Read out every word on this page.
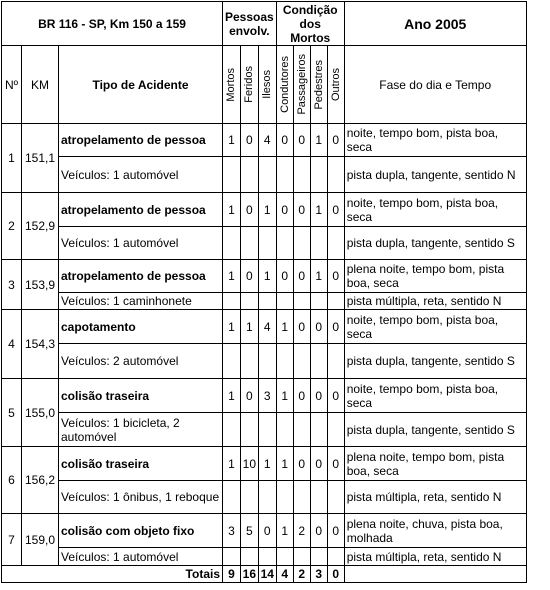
BR 116 - SP, Km 150 a 159			Pessoas envolv.			Condição dos Mortos				Ano 2005
Nº	KM	Tipo de Acidente	Mortos	Feridos	Ilesos	Condutores	Passageiros	Pedestres	Outros	Fase do dia e Tempo
1	151,1	atropelamento de pessoa	1	0	4	0	0	1	0	noite, tempo bom, pista boa, seca
		Veículos: 1 automóvel								pista dupla, tangente, sentido N
2	152,9	atropelamento de pessoa	1	0	1	0	0	1	0	noite, tempo bom, pista boa, seca
		Veículos: 1 automóvel								pista dupla, tangente, sentido S
3	153,9	atropelamento de pessoa	1	0	1	0	0	1	0	plena noite, tempo bom, pista boa, seca
		Veículos: 1 caminhonete								pista múltipla, reta, sentido N
4	154,3	capotamento	1	1	4	1	0	0	0	noite, tempo bom, pista boa, seca
		Veículos: 2 automóvel								pista dupla, tangente, sentido S
5	155,0	colisão traseira	1	0	3	1	0	0	0	noite, tempo bom, pista boa, seca
		Veículos: 1 bicicleta, 2 automóvel								pista dupla, tangente, sentido S
6	156,2	colisão traseira	1	10	1	1	0	0	0	plena noite, tempo bom, pista boa, seca
		Veículos: 1 ônibus, 1 reboque								pista múltipla, reta, sentido N
7	159,0	colisão com objeto fixo	3	5	0	1	2	0	0	plena noite, chuva, pista boa, molhada
		Veículos: 1 automóvel								pista múltipla, reta, sentido N
Totais			9	16	14	4	2	3	0	
